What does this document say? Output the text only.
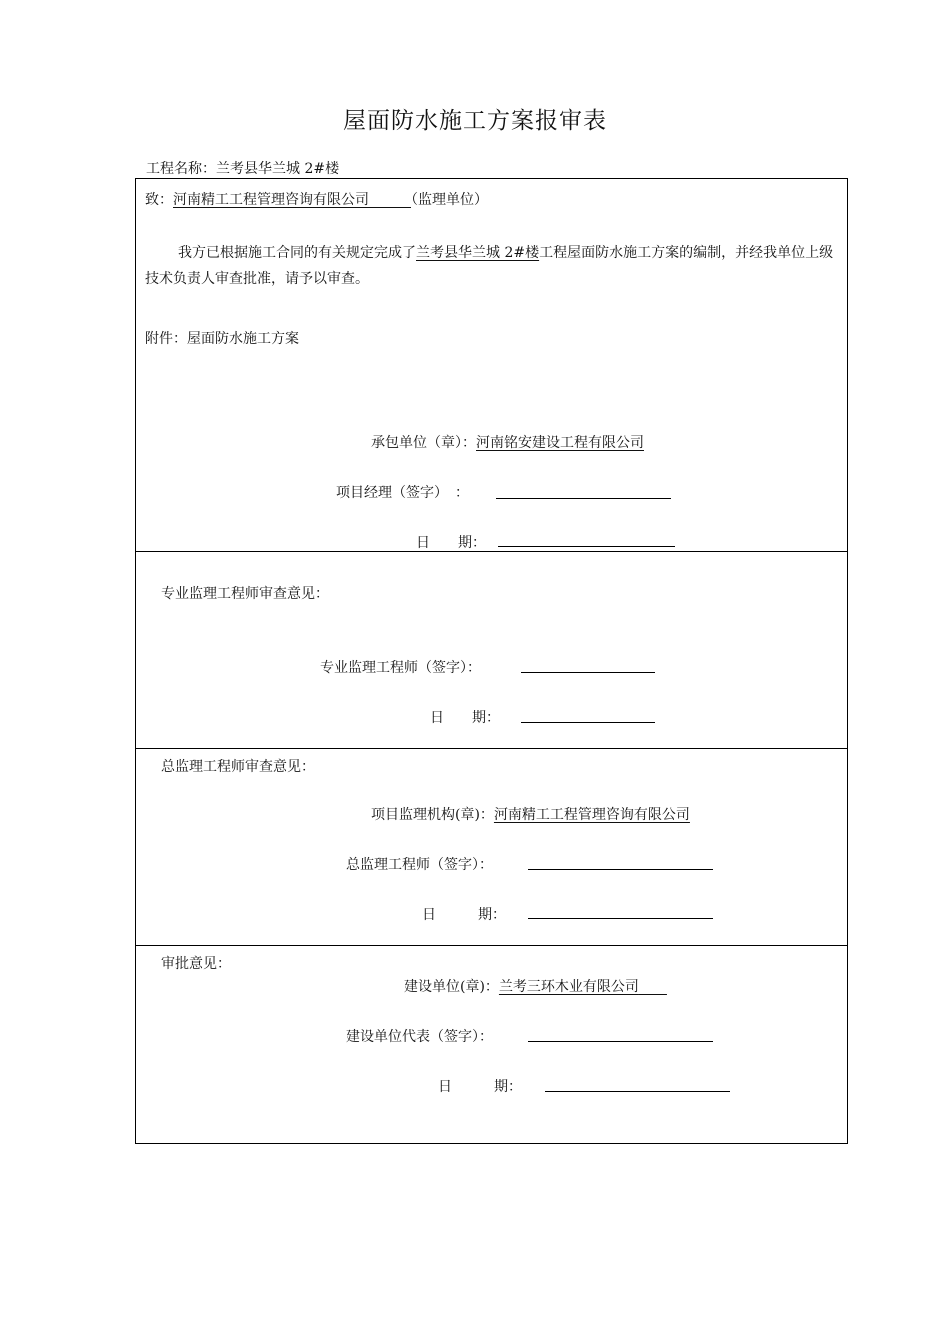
屋面防水施工方案报审表
工程名称：兰考县华兰城 2#楼
致：河南精工工程管理咨询有限公司　　　	（监理单位）
我方已根据施工合同的有关规定完成了兰考县华兰城 2#楼工程屋面防水施工方案的编制，并经我单位上级技术负责人审查批准，请予以审查。
附件：屋面防水施工方案
承包单位（章）：河南铭安建设工程有限公司
项目经理（签字）　：
日　　期：
专业监理工程师审查意见：
专业监理工程师（签字）：
日　　期：
总监理工程师审查意见：
项目监理机构(章)：河南精工工程管理咨询有限公司
总监理工程师（签字）：
日　　　期：
审批意见：
建设单位(章)：兰考三环木业有限公司　　
建设单位代表（签字）：
日　　　期：
